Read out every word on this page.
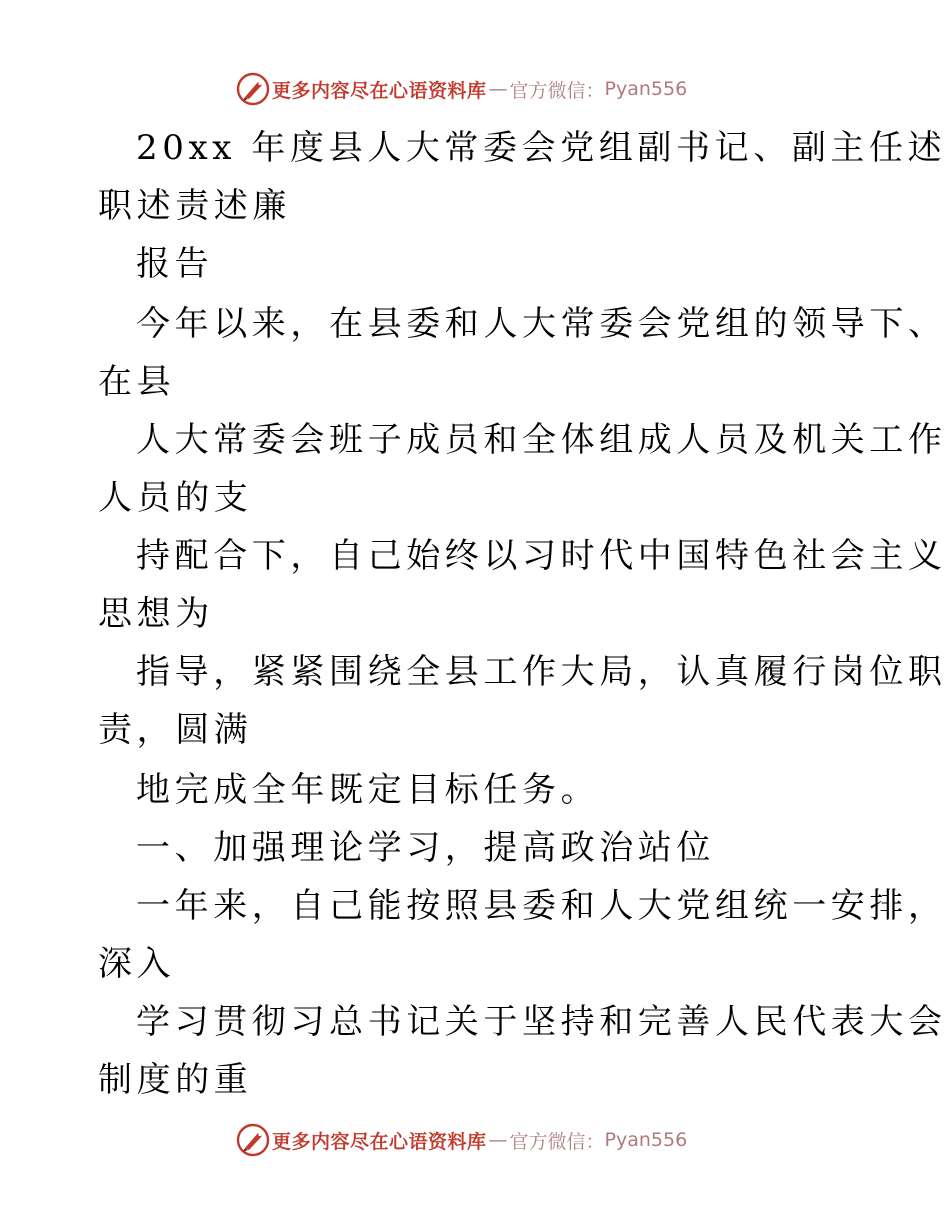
更多内容尽在心语资料库 — 官方微信： Pyan556
20xx 年度县人大常委会党组副书记、副主任述
职述责述廉
报告
今年以来，在县委和人大常委会党组的领导下、
在县
人大常委会班子成员和全体组成人员及机关工作
人员的支
持配合下，自己始终以习时代中国特色社会主义
思想为
指导，紧紧围绕全县工作大局，认真履行岗位职
责，圆满
地完成全年既定目标任务。
一、加强理论学习，提高政治站位
一年来，自己能按照县委和人大党组统一安排，
深入
学习贯彻习总书记关于坚持和完善人民代表大会
制度的重
更多内容尽在心语资料库 — 官方微信： Pyan556
